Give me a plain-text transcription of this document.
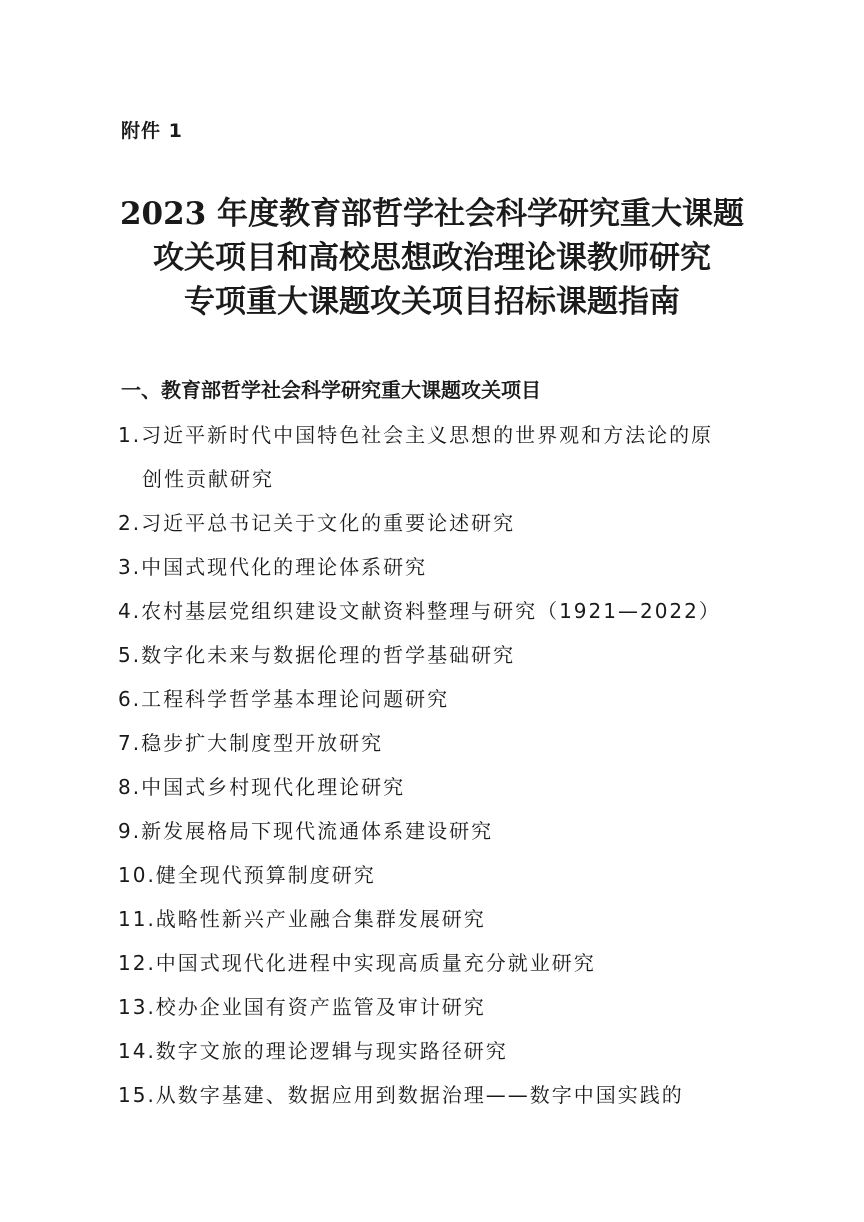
附件 1
2023 年度教育部哲学社会科学研究重大课题
攻关项目和高校思想政治理论课教师研究
专项重大课题攻关项目招标课题指南
一、教育部哲学社会科学研究重大课题攻关项目
1.习近平新时代中国特色社会主义思想的世界观和方法论的原
创性贡献研究
2.习近平总书记关于文化的重要论述研究
3.中国式现代化的理论体系研究
4.农村基层党组织建设文献资料整理与研究（1921—2022）
5.数字化未来与数据伦理的哲学基础研究
6.工程科学哲学基本理论问题研究
7.稳步扩大制度型开放研究
8.中国式乡村现代化理论研究
9.新发展格局下现代流通体系建设研究
10.健全现代预算制度研究
11.战略性新兴产业融合集群发展研究
12.中国式现代化进程中实现高质量充分就业研究
13.校办企业国有资产监管及审计研究
14.数字文旅的理论逻辑与现实路径研究
15.从数字基建、数据应用到数据治理——数字中国实践的
